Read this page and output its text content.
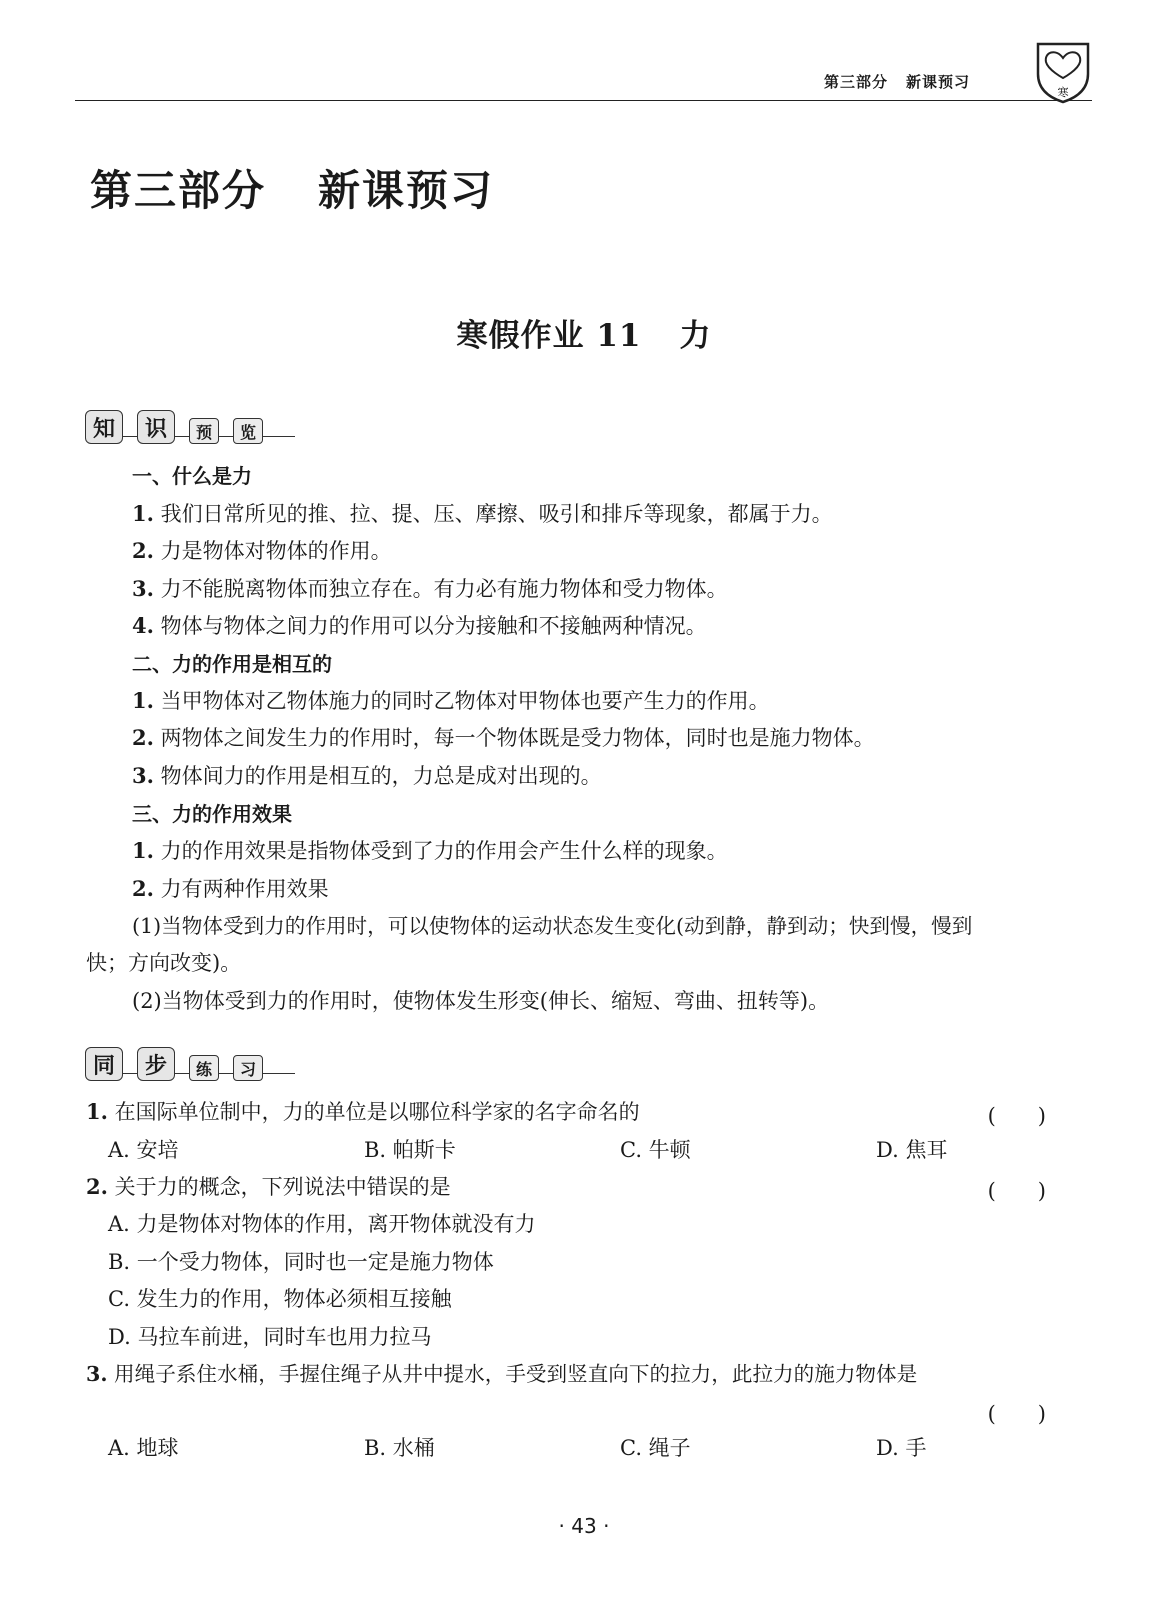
第三部分 新课预习
寒
第三部分 新课预习
寒假作业 11 力
知	识	预	览
一、什么是力
1. 我们日常所见的推、拉、提、压、摩擦、吸引和排斥等现象，都属于力。
2. 力是物体对物体的作用。
3. 力不能脱离物体而独立存在。有力必有施力物体和受力物体。
4. 物体与物体之间力的作用可以分为接触和不接触两种情况。
二、力的作用是相互的
1. 当甲物体对乙物体施力的同时乙物体对甲物体也要产生力的作用。
2. 两物体之间发生力的作用时，每一个物体既是受力物体，同时也是施力物体。
3. 物体间力的作用是相互的，力总是成对出现的。
三、力的作用效果
1. 力的作用效果是指物体受到了力的作用会产生什么样的现象。
2. 力有两种作用效果
(1)当物体受到力的作用时，可以使物体的运动状态发生变化(动到静，静到动；快到慢，慢到
快；方向改变)。
(2)当物体受到力的作用时，使物体发生形变(伸长、缩短、弯曲、扭转等)。
同	步	练	习
1. 在国际单位制中，力的单位是以哪位科学家的名字命名的	(　　)
A. 安培	B. 帕斯卡	C. 牛顿	D. 焦耳
2. 关于力的概念，下列说法中错误的是	(　　)
A. 力是物体对物体的作用，离开物体就没有力
B. 一个受力物体，同时也一定是施力物体
C. 发生力的作用，物体必须相互接触
D. 马拉车前进，同时车也用力拉马
3. 用绳子系住水桶，手握住绳子从井中提水，手受到竖直向下的拉力，此拉力的施力物体是
(　　)
A. 地球	B. 水桶	C. 绳子	D. 手
· 43 ·
